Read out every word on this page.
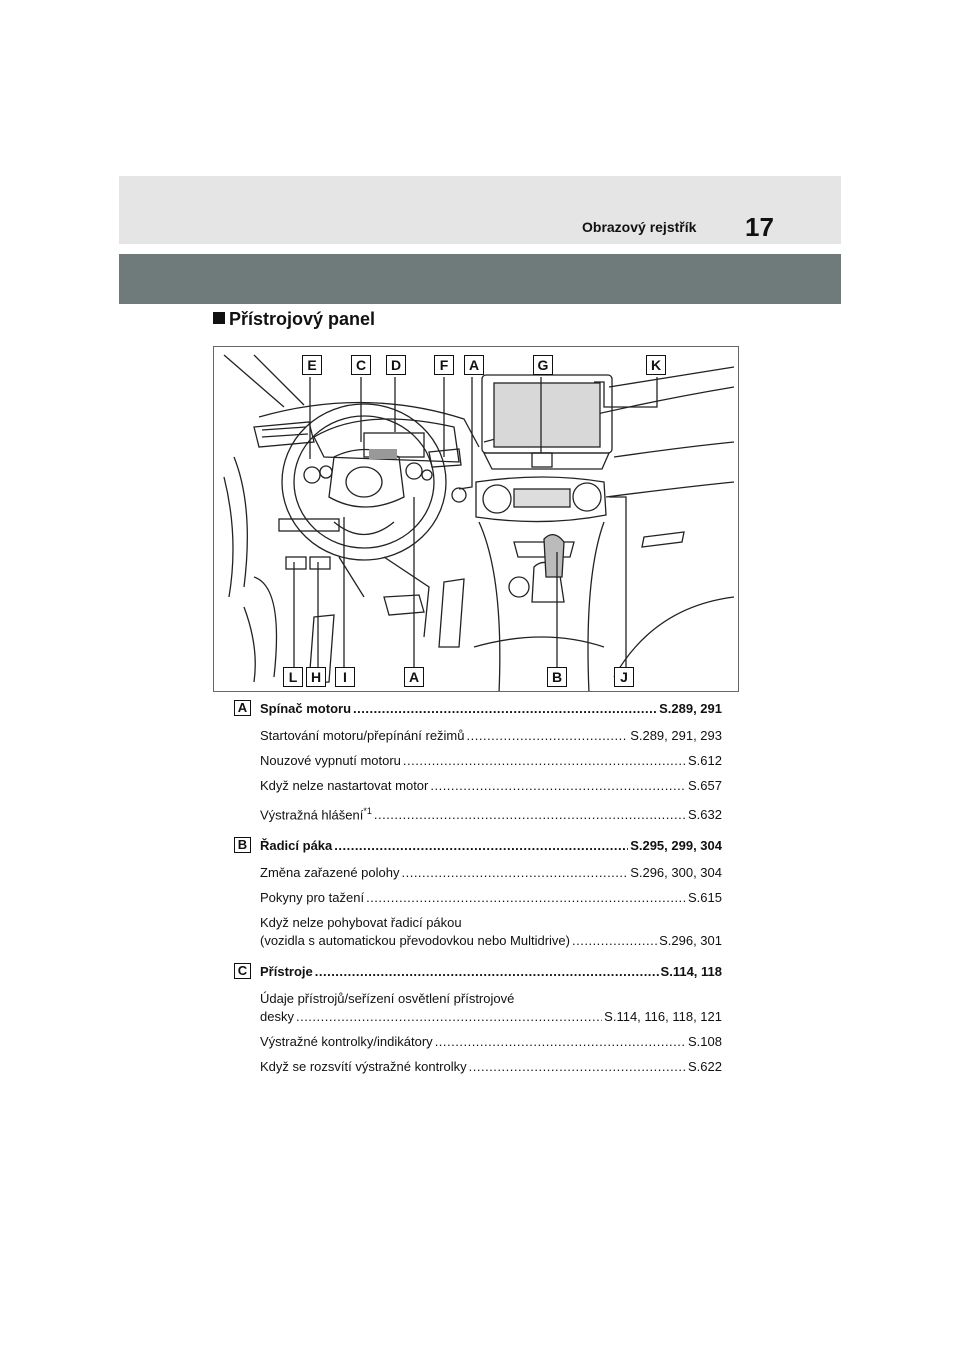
Obrazový rejstřík 17
Přístrojový panel
E	C	D	F	A	G	K
L H	I	A	B	J
A Spínač motoru .....	S.289, 291
Startování motoru/přepínání režimů .....	S.289, 291, 293
Nouzové vypnutí motoru .....	S.612
Když nelze nastartovat motor .....	S.657
Výstražná hlášení$^{*1}$ .....	S.632
B Řadicí páka .....	S.295, 299, 304
Změna zařazené polohy .....	S.296, 300, 304
Pokyny pro tažení .....	S.615
Když nelze pohybovat řadicí pákou
(vozidla s automatickou převodovkou nebo Multidrive) .....	S.296, 301
C Přístroje .....	S.114, 118
Údaje přístrojů/seřízení osvětlení přístrojové
desky .....	S.114, 116, 118, 121
Výstražné kontrolky/indikátory .....	S.108
Když se rozsvítí výstražné kontrolky .....	S.622
